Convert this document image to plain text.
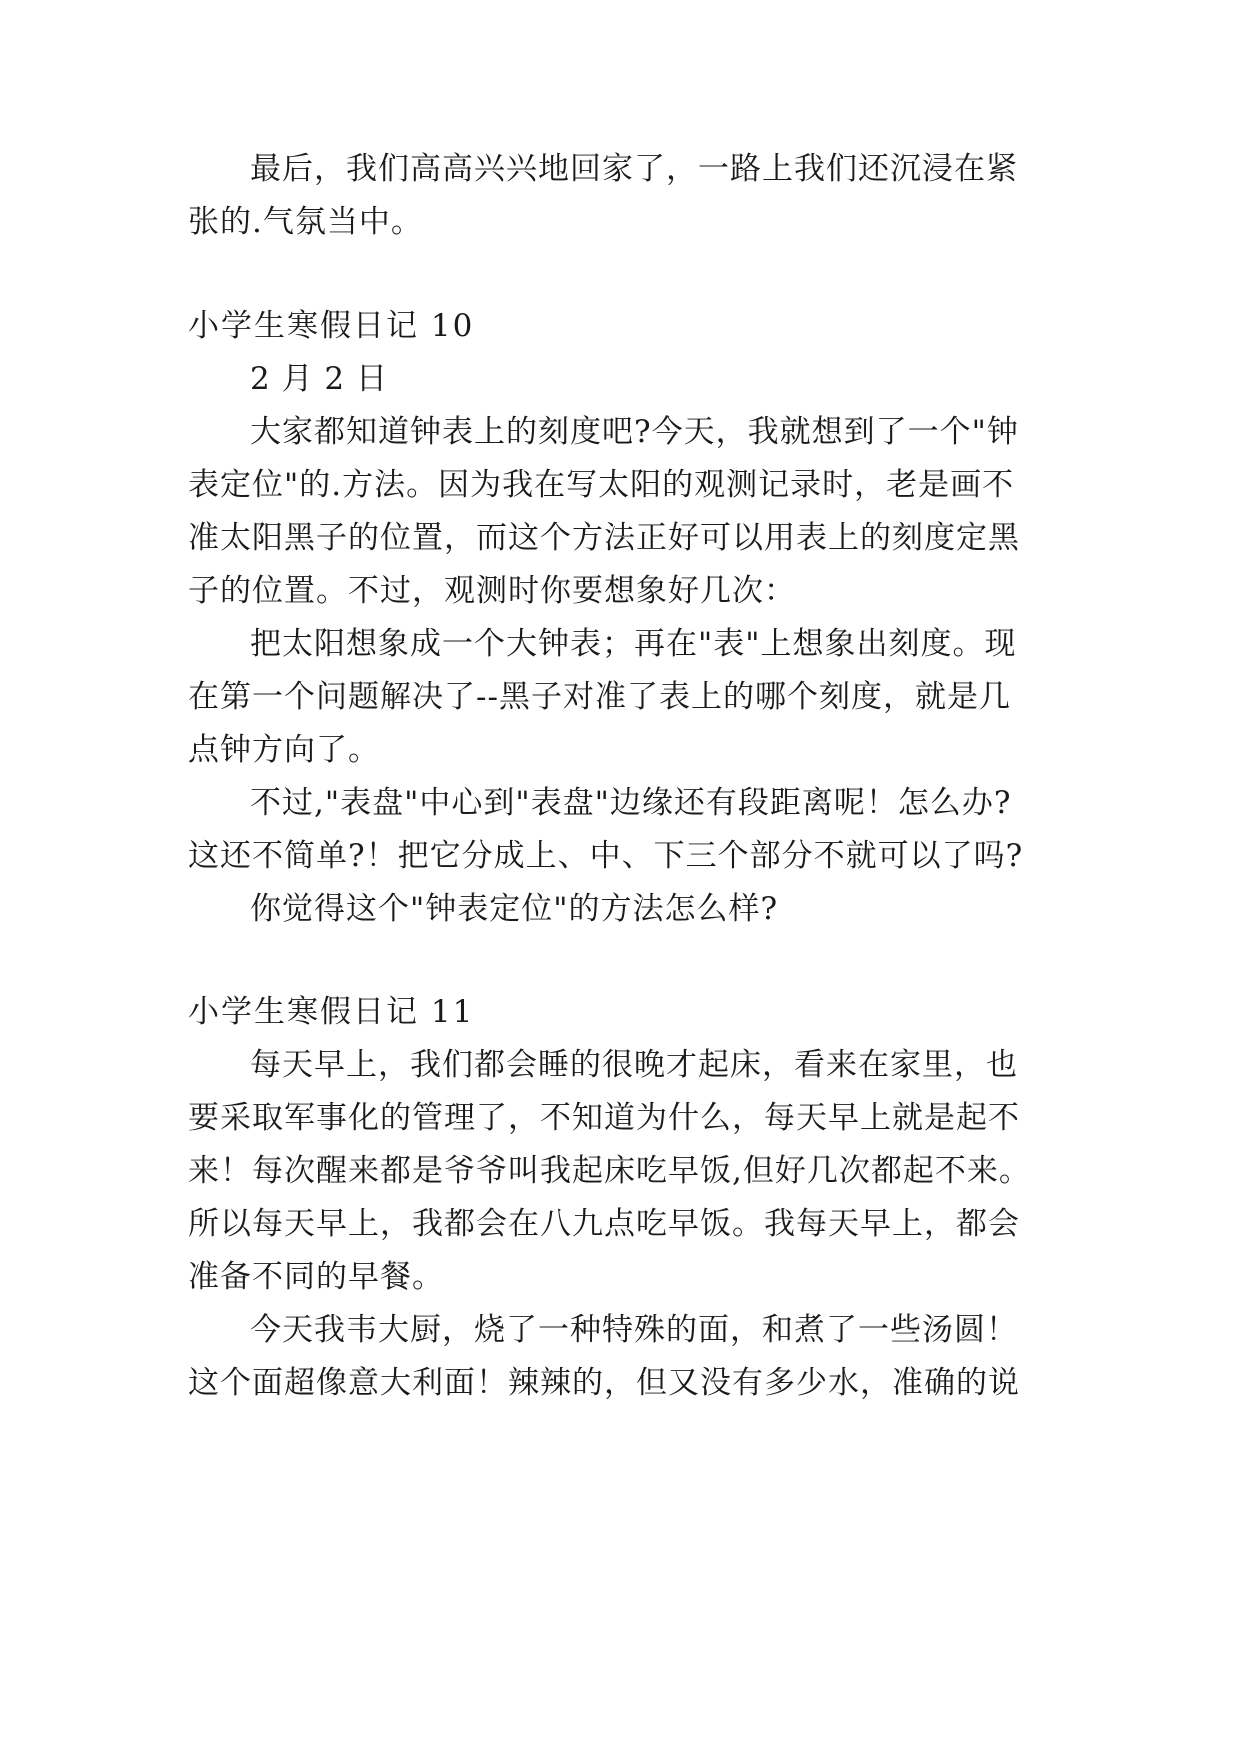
最后，我们高高兴兴地回家了，一路上我们还沉浸在紧
张的.气氛当中。
小学生寒假日记 10
2 月 2 日
大家都知道钟表上的刻度吧?今天，我就想到了一个"钟
表定位"的.方法。因为我在写太阳的观测记录时，老是画不
准太阳黑子的位置，而这个方法正好可以用表上的刻度定黑
子的位置。不过，观测时你要想象好几次：
把太阳想象成一个大钟表；再在"表"上想象出刻度。现
在第一个问题解决了--黑子对准了表上的哪个刻度，就是几
点钟方向了。
不过,"表盘"中心到"表盘"边缘还有段距离呢！怎么办?
这还不简单?！把它分成上、中、下三个部分不就可以了吗?
你觉得这个"钟表定位"的方法怎么样?
小学生寒假日记 11
每天早上，我们都会睡的很晚才起床，看来在家里，也
要采取军事化的管理了，不知道为什么，每天早上就是起不
来！每次醒来都是爷爷叫我起床吃早饭,但好几次都起不来。
所以每天早上，我都会在八九点吃早饭。我每天早上，都会
准备不同的早餐。
今天我韦大厨，烧了一种特殊的面，和煮了一些汤圆！
这个面超像意大利面！辣辣的，但又没有多少水，准确的说
